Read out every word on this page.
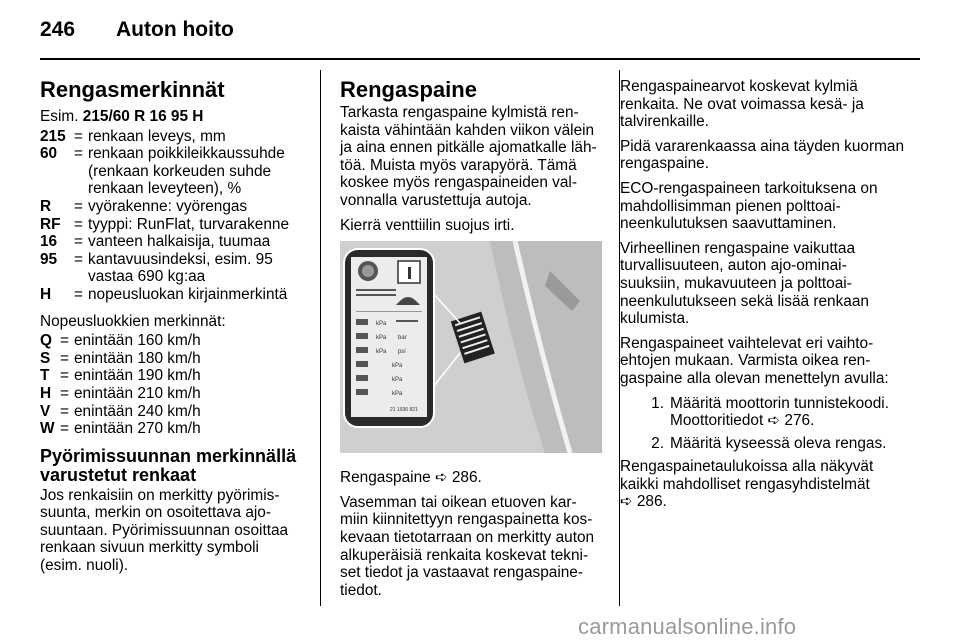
246 Auton hoito
Rengasmerkinnät

Esim. 215/60 R 16 95 H

215 = renkaan leveys, mm
60	= renkaan poikkileikkaussuhde (renkaan korkeuden suhde renkaan leveyteen), %
R	= vyörakenne: vyörengas
RF = tyyppi: RunFlat, turvarakenne
16	= vanteen halkaisija, tuumaa
95	= kantavuusindeksi, esim. 95 vastaa 690 kg:aa
H	= nopeusluokan kirjainmerkintä

Nopeusluokkien merkinnät:

Q = enintään 160 km/h
S = enintään 180 km/h
T = enintään 190 km/h
H = enintään 210 km/h
V = enintään 240 km/h
W = enintään 270 km/h
Pyörimissuunnan merkinnällä varustetut renkaat

Jos renkaisiin on merkitty pyörimis- suunta, merkin on osoitettava ajo- suuntaan. Pyörimissuunnan osoittaa renkaan sivuun merkitty symboli (esim. nuoli).

Rengaspaine

Tarkasta rengaspaine kylmistä ren- kaista vähintään kahden viikon välein ja aina ennen pitkälle ajomatkalle läh- töä. Muista myös varapyörä. Tämä koskee myös rengaspaineiden val- vonnalla varustettuja autoja.

Kierrä venttiilin suojus irti.

kPa
kPa bar
kPa psi
kPa
kPa
kPa
21 1936 821

Rengaspaine ➪ 286.

Vasemman tai oikean etuoven kar- miin kiinnitettyyn rengaspainetta kos- kevaan tietotarraan on merkitty auton alkuperäisiä renkaita koskevat tekni- set tiedot ja vastaavat rengaspaine- tiedot.

Rengaspainearvot koskevat kylmiä renkaita. Ne ovat voimassa kesä- ja talvirenkaille.

Pidä vararenkaassa aina täyden kuorman rengaspaine.

ECO-rengaspaineen tarkoituksena on mahdollisimman pienen polttoai- neenkulutuksen saavuttaminen.

Virheellinen rengaspaine vaikuttaa turvallisuuteen, auton ajo-ominai- suuksiin, mukavuuteen ja polttoai- neenkulutukseen sekä lisää renkaan kulumista.

Rengaspaineet vaihtelevat eri vaihto- ehtojen mukaan. Varmista oikea ren- gaspaine alla olevan menettelyn avulla:

1. Määritä moottorin tunnistekoodi. Moottoritiedot ➪ 276.
2. Määritä kyseessä oleva rengas.

Rengaspainetaulukoissa alla näkyvät kaikki mahdolliset rengasyhdistelmät
➪ 286.

carmanualsonline.info
